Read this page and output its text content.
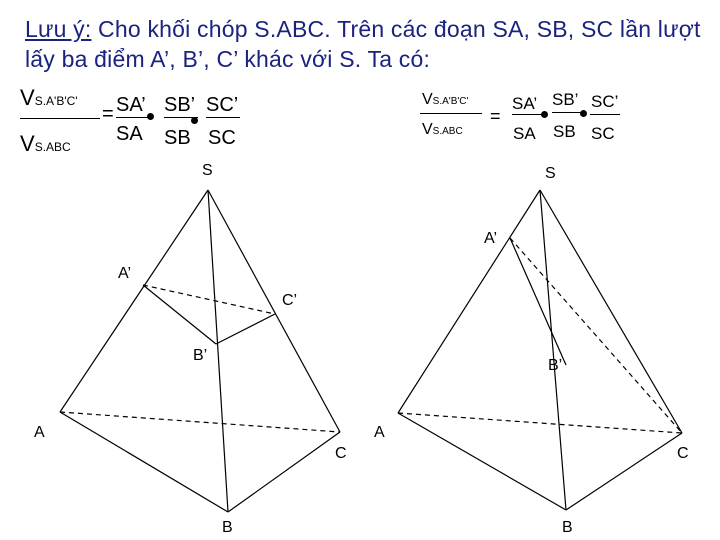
Lưu ý: Cho khối chóp S.ABC. Trên các đoạn SA, SB, SC lần lượt lấy ba điểm A’, B’, C’ khác với S. Ta có:
VS.A'B'C'
VS.ABC
= SA’
SA
SB’
SB
SC’
SC
VS.A'B'C'
VS.ABC
=
SA’
SA
SB’
SB
SC’
SC
S
A’
C’
B’
A
C
B
S
A’
B’
A
C
B
